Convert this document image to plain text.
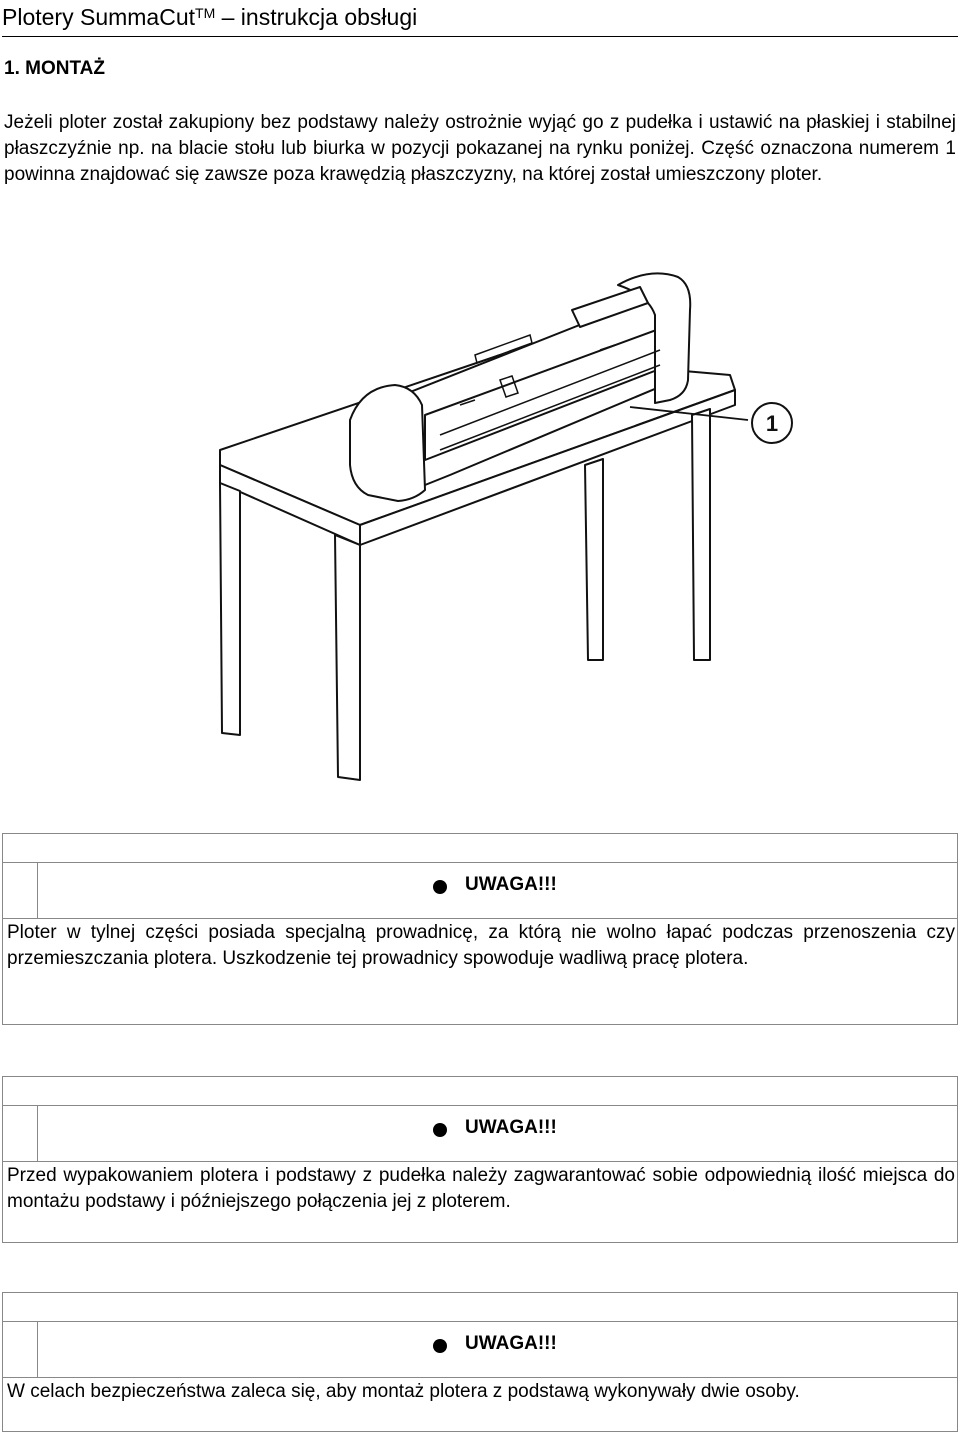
Plotery SummaCut™ – instrukcja obsługi
1. MONTAŻ

Jeżeli ploter został zakupiony bez podstawy należy ostrożnie wyjąć go z pudełka i ustawić na płaskiej i stabilnej płaszczyźnie np. na blacie stołu lub biurka w pozycji pokazanej na rynku poniżej. Część oznaczona numerem 1 powinna znajdować się zawsze poza krawędzią płaszczyzny, na której został umieszczony ploter.

1
UWAGA!!!

Ploter w tylnej części posiada specjalną prowadnicę, za którą nie wolno łapać podczas przenoszenia czy przemieszczania plotera. Uszkodzenie tej prowadnicy spowoduje wadliwą pracę plotera.

UWAGA!!!

Przed wypakowaniem plotera i podstawy z pudełka należy zagwarantować sobie odpowiednią ilość miejsca do montażu podstawy i późniejszego połączenia jej z ploterem.

UWAGA!!!

W celach bezpieczeństwa zaleca się, aby montaż plotera z podstawą wykonywały dwie osoby.
